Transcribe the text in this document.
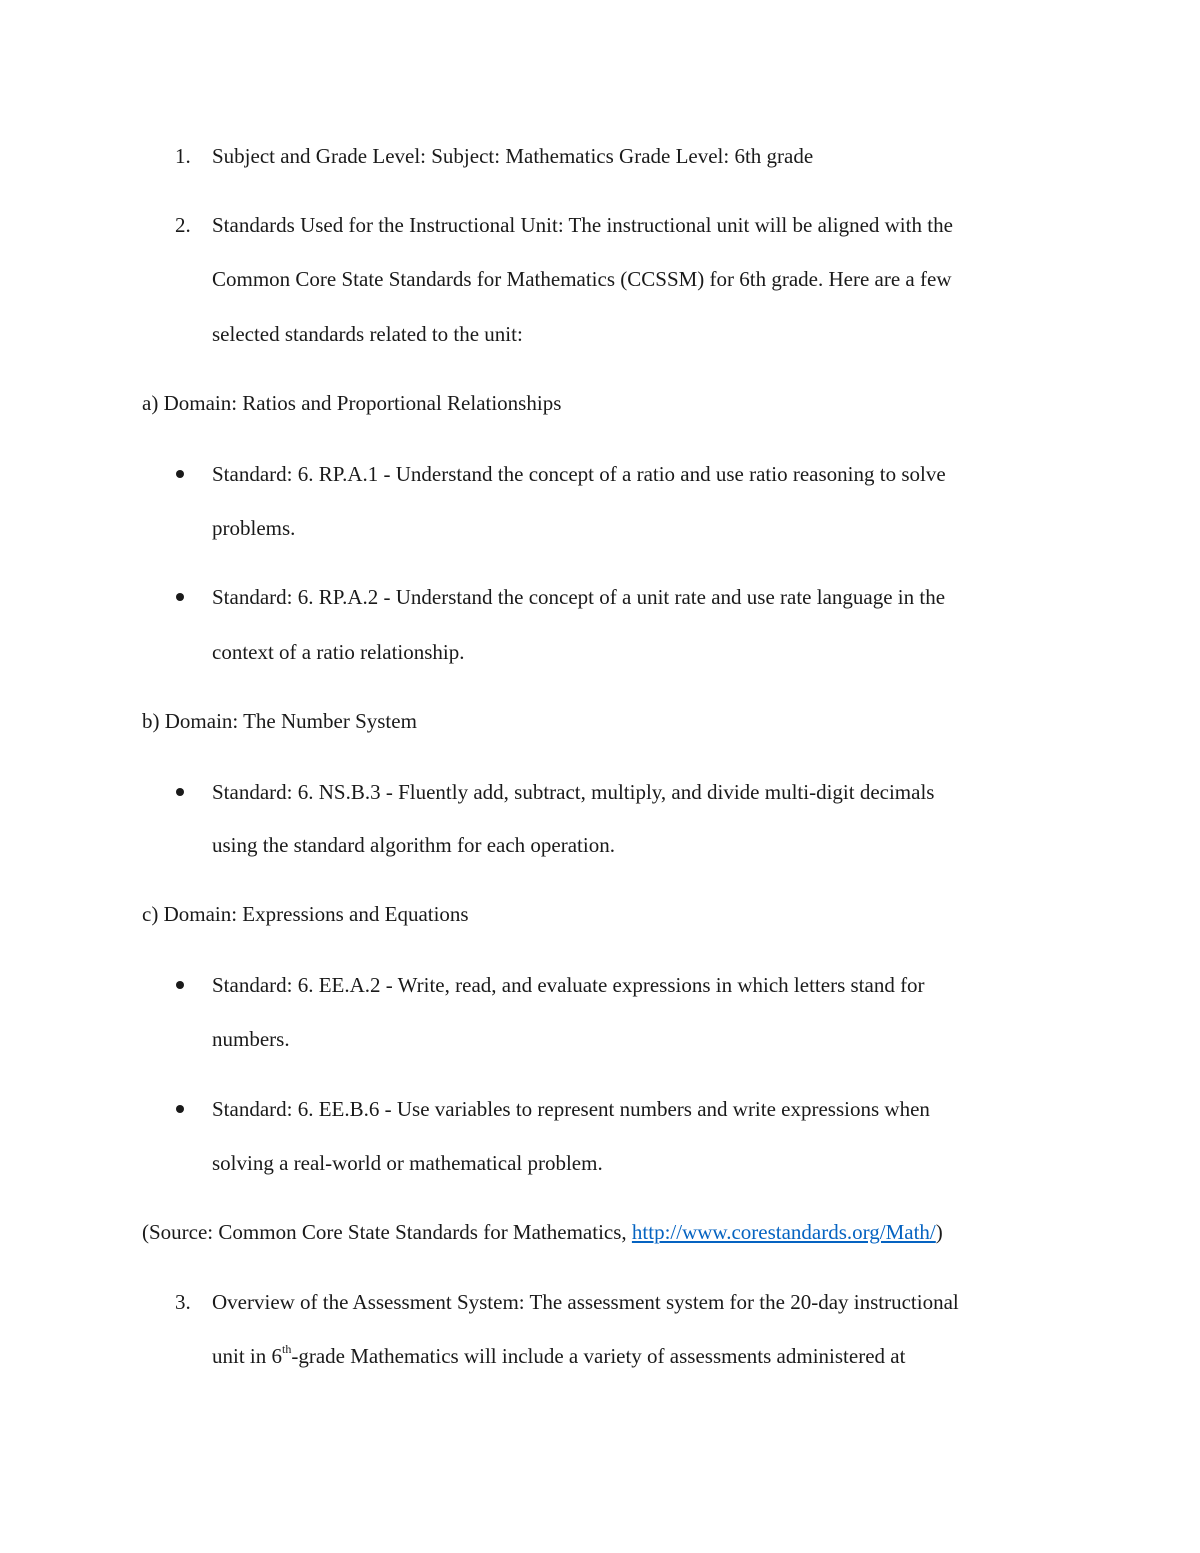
1. Subject and Grade Level: Subject: Mathematics Grade Level: 6th grade
2. Standards Used for the Instructional Unit: The instructional unit will be aligned with the
Common Core State Standards for Mathematics (CCSSM) for 6th grade. Here are a few
selected standards related to the unit:
a) Domain: Ratios and Proportional Relationships
Standard: 6. RP.A.1 - Understand the concept of a ratio and use ratio reasoning to solve
problems.
Standard: 6. RP.A.2 - Understand the concept of a unit rate and use rate language in the
context of a ratio relationship.
b) Domain: The Number System
Standard: 6. NS.B.3 - Fluently add, subtract, multiply, and divide multi-digit decimals
using the standard algorithm for each operation.
c) Domain: Expressions and Equations
Standard: 6. EE.A.2 - Write, read, and evaluate expressions in which letters stand for
numbers.
Standard: 6. EE.B.6 - Use variables to represent numbers and write expressions when
solving a real-world or mathematical problem.
(Source: Common Core State Standards for Mathematics, http://www.corestandards.org/Math/)
3. Overview of the Assessment System: The assessment system for the 20-day instructional
unit in 6th-grade Mathematics will include a variety of assessments administered at
